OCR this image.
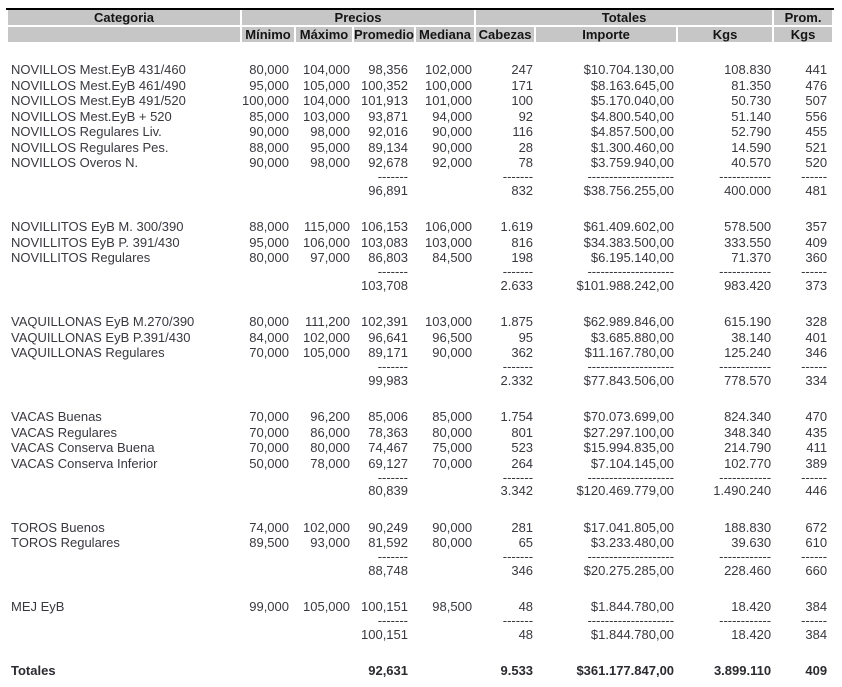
Categoria	Precios				Totales			Prom.
	Mínimo	Máximo	Promedio	Mediana	Cabezas	Importe	Kgs	Kgs

NOVILLOS Mest.EyB 431/460	80,000	104,000	98,356	102,000	247	$10.704.130,00	108.830	441
NOVILLOS Mest.EyB 461/490	95,000	105,000	100,352	100,000	171	$8.163.645,00	81.350	476
NOVILLOS Mest.EyB 491/520	100,000	104,000	101,913	101,000	100	$5.170.040,00	50.730	507
NOVILLOS Mest.EyB + 520	85,000	103,000	93,871	94,000	92	$4.800.540,00	51.140	556
NOVILLOS Regulares Liv.	90,000	98,000	92,016	90,000	116	$4.857.500,00	52.790	455
NOVILLOS Regulares Pes.	88,000	95,000	89,134	90,000	28	$1.300.460,00	14.590	521
NOVILLOS Overos N.	90,000	98,000	92,678	92,000	78	$3.759.940,00	40.570	520
			-------		-------	--------------------	------------	------
			96,891		832	$38.756.255,00	400.000	481

NOVILLITOS EyB M. 300/390	88,000	115,000	106,153	106,000	1.619	$61.409.602,00	578.500	357
NOVILLITOS EyB P. 391/430	95,000	106,000	103,083	103,000	816	$34.383.500,00	333.550	409
NOVILLITOS Regulares	80,000	97,000	86,803	84,500	198	$6.195.140,00	71.370	360
			-------		-------	--------------------	------------	------
			103,708		2.633	$101.988.242,00	983.420	373

VAQUILLONAS EyB M.270/390	80,000	111,200	102,391	103,000	1.875	$62.989.846,00	615.190	328
VAQUILLONAS EyB P.391/430	84,000	102,000	96,641	96,500	95	$3.685.880,00	38.140	401
VAQUILLONAS Regulares	70,000	105,000	89,171	90,000	362	$11.167.780,00	125.240	346
			-------		-------	--------------------	------------	------
			99,983		2.332	$77.843.506,00	778.570	334

VACAS Buenas	70,000	96,200	85,006	85,000	1.754	$70.073.699,00	824.340	470
VACAS Regulares	70,000	86,000	78,363	80,000	801	$27.297.100,00	348.340	435
VACAS Conserva Buena	70,000	80,000	74,467	75,000	523	$15.994.835,00	214.790	411
VACAS Conserva Inferior	50,000	78,000	69,127	70,000	264	$7.104.145,00	102.770	389
			-------		-------	--------------------	------------	------
			80,839		3.342	$120.469.779,00	1.490.240	446

TOROS Buenos	74,000	102,000	90,249	90,000	281	$17.041.805,00	188.830	672
TOROS Regulares	89,500	93,000	81,592	80,000	65	$3.233.480,00	39.630	610
			-------		-------	--------------------	------------	------
			88,748		346	$20.275.285,00	228.460	660

MEJ EyB	99,000	105,000	100,151	98,500	48	$1.844.780,00	18.420	384
			-------		-------	--------------------	------------	------
			100,151		48	$1.844.780,00	18.420	384

Totales			92,631		9.533	$361.177.847,00	3.899.110	409
